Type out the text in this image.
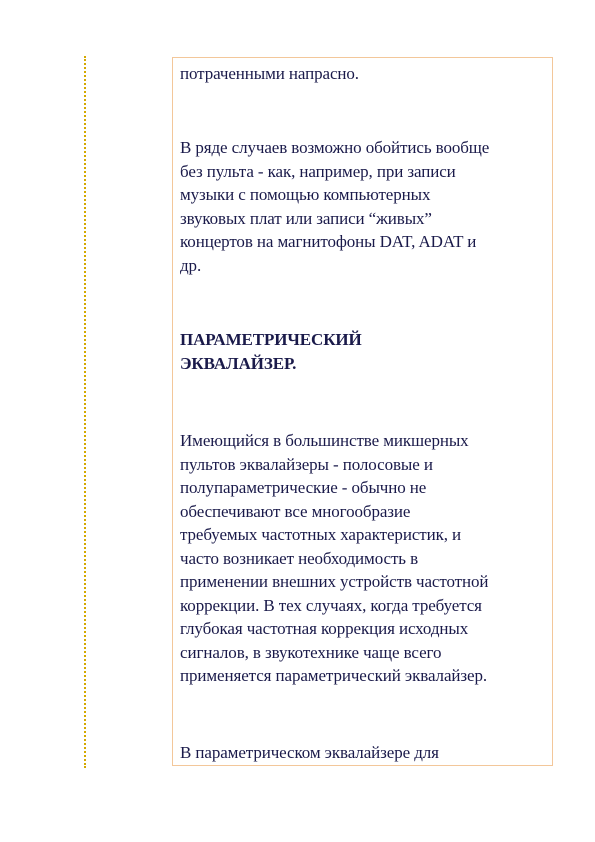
потраченными напрасно.
В ряде случаев возможно обойтись вообще
без пульта - как, например, при записи
музыки с помощью компьютерных
звуковых плат или записи “живых”
концертов на магнитофоны DAT, ADAT и
др.
ПАРАМЕТРИЧЕСКИЙ
ЭКВАЛАЙЗЕР.
Имеющийся в большинстве микшерных
пультов эквалайзеры - полосовые и
полупараметрические - обычно не
обеспечивают все многообразие
требуемых частотных характеристик, и
часто возникает необходимость в
применении внешних устройств частотной
коррекции. В тех случаях, когда требуется
глубокая частотная коррекция исходных
сигналов, в звукотехнике чаще всего
применяется параметрический эквалайзер.
В параметрическом эквалайзере для
